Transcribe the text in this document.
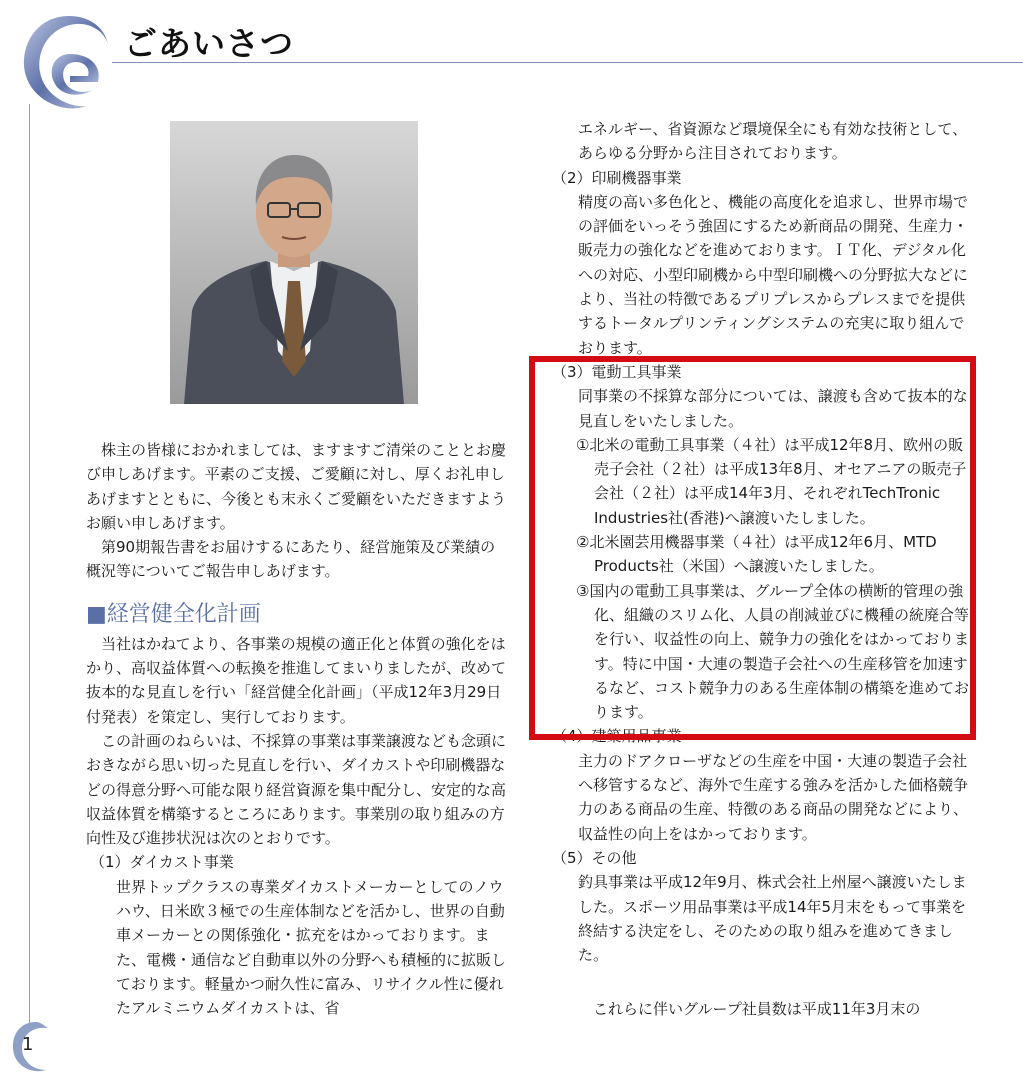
ごあいさつ

株主の皆様におかれましては、ますますご清栄のこととお慶び申しあげます。平素のご支援、ご愛顧に対し、厚くお礼申しあげますとともに、今後とも末永くご愛顧をいただきますようお願い申しあげます。

第90期報告書をお届けするにあたり、経営施策及び業績の概況等についてご報告申しあげます。

■経営健全化計画

当社はかねてより、各事業の規模の適正化と体質の強化をはかり、高収益体質への転換を推進してまいりましたが、改めて抜本的な見直しを行い「経営健全化計画」（平成12年3月29日付発表）を策定し、実行しております。

この計画のねらいは、不採算の事業は事業譲渡なども念頭におきながら思い切った見直しを行い、ダイカストや印刷機器などの得意分野へ可能な限り経営資源を集中配分し、安定的な高収益体質を構築するところにあります。事業別の取り組みの方向性及び進捗状況は次のとおりです。

（1）ダイカスト事業

世界トップクラスの専業ダイカストメーカーとしてのノウハウ、日米欧３極での生産体制などを活かし、世界の自動車メーカーとの関係強化・拡充をはかっております。また、電機・通信など自動車以外の分野へも積極的に拡販しております。軽量かつ耐久性に富み、リサイクル性に優れたアルミニウムダイカストは、省

エネルギー、省資源など環境保全にも有効な技術として、あらゆる分野から注目されております。

（2）印刷機器事業

精度の高い多色化と、機能の高度化を追求し、世界市場での評価をいっそう強固にするため新商品の開発、生産力・販売力の強化などを進めております。ＩＴ化、デジタル化への対応、小型印刷機から中型印刷機への分野拡大などにより、当社の特徴であるプリプレスからプレスまでを提供するトータルプリンティングシステムの充実に取り組んでおります。

（3）電動工具事業

同事業の不採算な部分については、譲渡も含めて抜本的な見直しをいたしました。

①北米の電動工具事業（４社）は平成12年8月、欧州の販売子会社（２社）は平成13年8月、オセアニアの販売子会社（２社）は平成14年3月、それぞれTechTronic Industries社(香港)へ譲渡いたしました。

②北米園芸用機器事業（４社）は平成12年6月、MTD Products社（米国）へ譲渡いたしました。

③国内の電動工具事業は、グループ全体の横断的管理の強化、組織のスリム化、人員の削減並びに機種の統廃合等を行い、収益性の向上、競争力の強化をはかっております。特に中国・大連の製造子会社への生産移管を加速するなど、コスト競争力のある生産体制の構築を進めております。

（4）建築用品事業

主力のドアクローザなどの生産を中国・大連の製造子会社へ移管するなど、海外で生産する強みを活かした価格競争力のある商品の生産、特徴のある商品の開発などにより、収益性の向上をはかっております。

（5）その他

釣具事業は平成12年9月、株式会社上州屋へ譲渡いたしました。スポーツ用品事業は平成14年5月末をもって事業を終結する決定をし、そのための取り組みを進めてきました。

これらに伴いグループ社員数は平成11年3月末の

1
